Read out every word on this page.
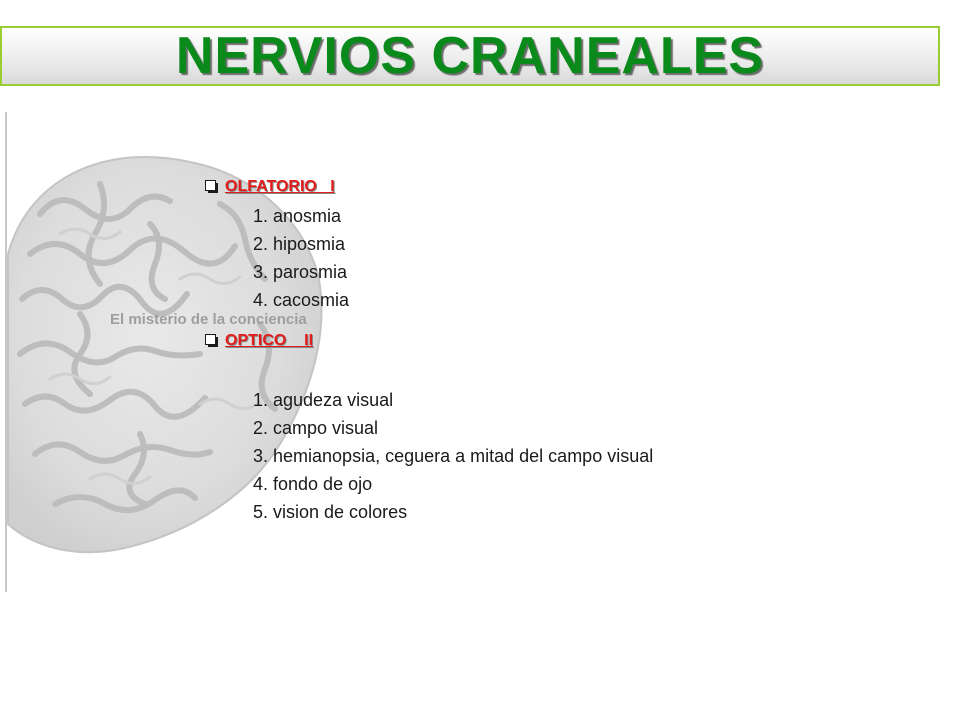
NERVIOS CRANEALES
El misterio de la conciencia
OLFATORIO   I
1. anosmia
2. hiposmia
3. parosmia
4. cacosmia
OPTICO    II
1. agudeza visual
2. campo visual
3. hemianopsia, ceguera a mitad del campo visual
4. fondo de ojo
5. vision de colores
